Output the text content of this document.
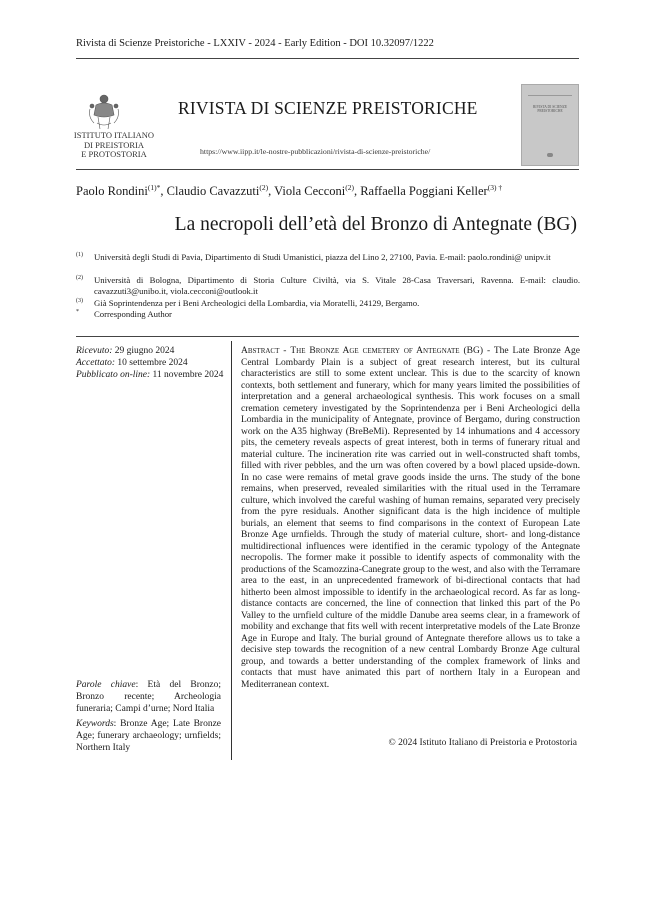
Rivista di Scienze Preistoriche - LXXIV - 2024 - Early Edition - DOI 10.32097/1222
ISTITUTO ITALIANO
DI PREISTORIA
E PROTOSTORIA
RIVISTA DI SCIENZE PREISTORICHE
https://www.iipp.it/le-nostre-pubblicazioni/rivista-di-scienze-preistoriche/
RIVISTA DI SCIENZE PREISTORICHE
Paolo Rondini$^{(1)*}$, Claudio Cavazzuti$^{(2)}$, Viola Cecconi$^{(2)}$, Raffaella Poggiani Keller$^{(3) \dagger}$
La necropoli dell’età del Bronzo di Antegnate (BG)
(1) Università degli Studi di Pavia, Dipartimento di Studi Umanistici, piazza del Lino 2, 27100, Pavia. E-mail: paolo.rondini@ unipv.it
(2) Università di Bologna, Dipartimento di Storia Culture Civiltà, via S. Vitale 28-Casa Traversari, Ravenna. E-mail: claudio. cavazzuti3@unibo.it, viola.cecconi@outlook.it
(3) Già Soprintendenza per i Beni Archeologici della Lombardia, via Moratelli, 24129, Bergamo.
* Corresponding Author
Ricevuto: 29 giugno 2024
Accettato: 10 settembre 2024
Pubblicato on-line: 11 novembre 2024
Parole chiave: Età del Bronzo; Bronzo recente; Archeologia funeraria; Campi d’urne; Nord Italia
Keywords: Bronze Age; Late Bronze Age; funerary archaeology; urnfields; Northern Italy
Abstract - The Bronze Age cemetery of Antegnate (BG) - The Late Bronze Age Central Lombardy Plain is a subject of great research interest, but its cultural characteristics are still to some extent unclear. This is due to the scarcity of known contexts, both settlement and funerary, which for many years limited the possibilities of interpretation and a general archaeological synthesis. This work focuses on a small cremation cemetery investigated by the Soprintendenza per i Beni Archeologici della Lombardia in the municipality of Antegnate, province of Bergamo, during construction work on the A35 highway (BreBeMi). Represented by 14 inhumations and 4 accessory pits, the cemetery reveals aspects of great interest, both in terms of funerary ritual and material culture. The incineration rite was carried out in well-constructed shaft tombs, filled with river pebbles, and the urn was often covered by a bowl placed upside-down. In no case were remains of metal grave goods inside the urns. The study of the bone remains, when preserved, revealed similarities with the ritual used in the Terramare culture, which involved the careful washing of human remains, separated very precisely from the pyre residuals. Another significant data is the high incidence of multiple burials, an element that seems to find comparisons in the context of European Late Bronze Age urnfields. Through the study of material culture, short- and long-distance multidirectional influences were identified in the ceramic typology of the Antegnate necropolis. The former make it possible to identify aspects of commonality with the productions of the Scamozzina-Canegrate group to the west, and also with the Terramare area to the east, in an unprecedented framework of bi-directional contacts that had hitherto been almost impossible to identify in the archaeological record. As far as long-distance contacts are concerned, the line of connection that linked this part of the Po Valley to the urnfield culture of the middle Danube area seems clear, in a framework of mobility and exchange that fits well with recent interpretative models of the Late Bronze Age in Europe and Italy. The burial ground of Antegnate therefore allows us to take a decisive step towards the recognition of a new central Lombardy Bronze Age cultural group, and towards a better understanding of the complex framework of links and contacts that must have animated this part of northern Italy in a European and Mediterranean context.
© 2024 Istituto Italiano di Preistoria e Protostoria
